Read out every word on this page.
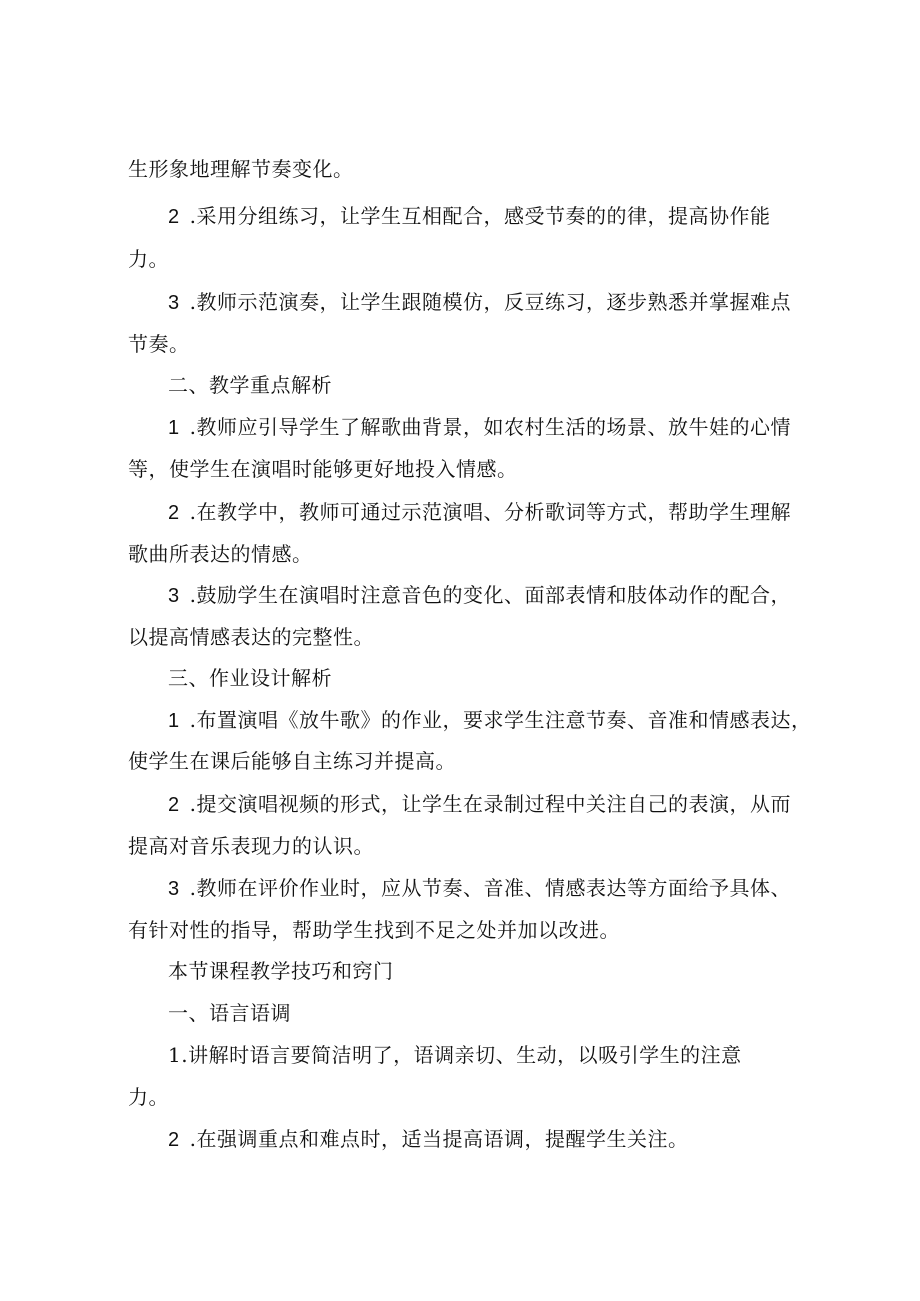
生形象地理解节奏变化。
2 .采用分组练习，让学生互相配合，感受节奏的的律，提高协作能
力。
3 .教师示范演奏，让学生跟随模仿，反豆练习，逐步熟悉并掌握难点
节奏。
二、教学重点解析
1 .教师应引导学生了解歌曲背景，如农村生活的场景、放牛娃的心情
等，使学生在演唱时能够更好地投入情感。
2 .在教学中，教师可通过示范演唱、分析歌词等方式，帮助学生理解
歌曲所表达的情感。
3 .鼓励学生在演唱时注意音色的变化、面部表情和肢体动作的配合，
以提高情感表达的完整性。
三、作业设计解析
1 .布置演唱《放牛歌》的作业，要求学生注意节奏、音准和情感表达，
使学生在课后能够自主练习并提高。
2 .提交演唱视频的形式，让学生在录制过程中关注自己的表演，从而
提高对音乐表现力的认识。
3 .教师在评价作业时，应从节奏、音准、情感表达等方面给予具体、
有针对性的指导，帮助学生找到不足之处并加以改进。
本节课程教学技巧和窍门
一、语言语调
1.讲解时语言要简洁明了，语调亲切、生动，以吸引学生的注意
力。
2 .在强调重点和难点时，适当提高语调，提醒学生关注。
